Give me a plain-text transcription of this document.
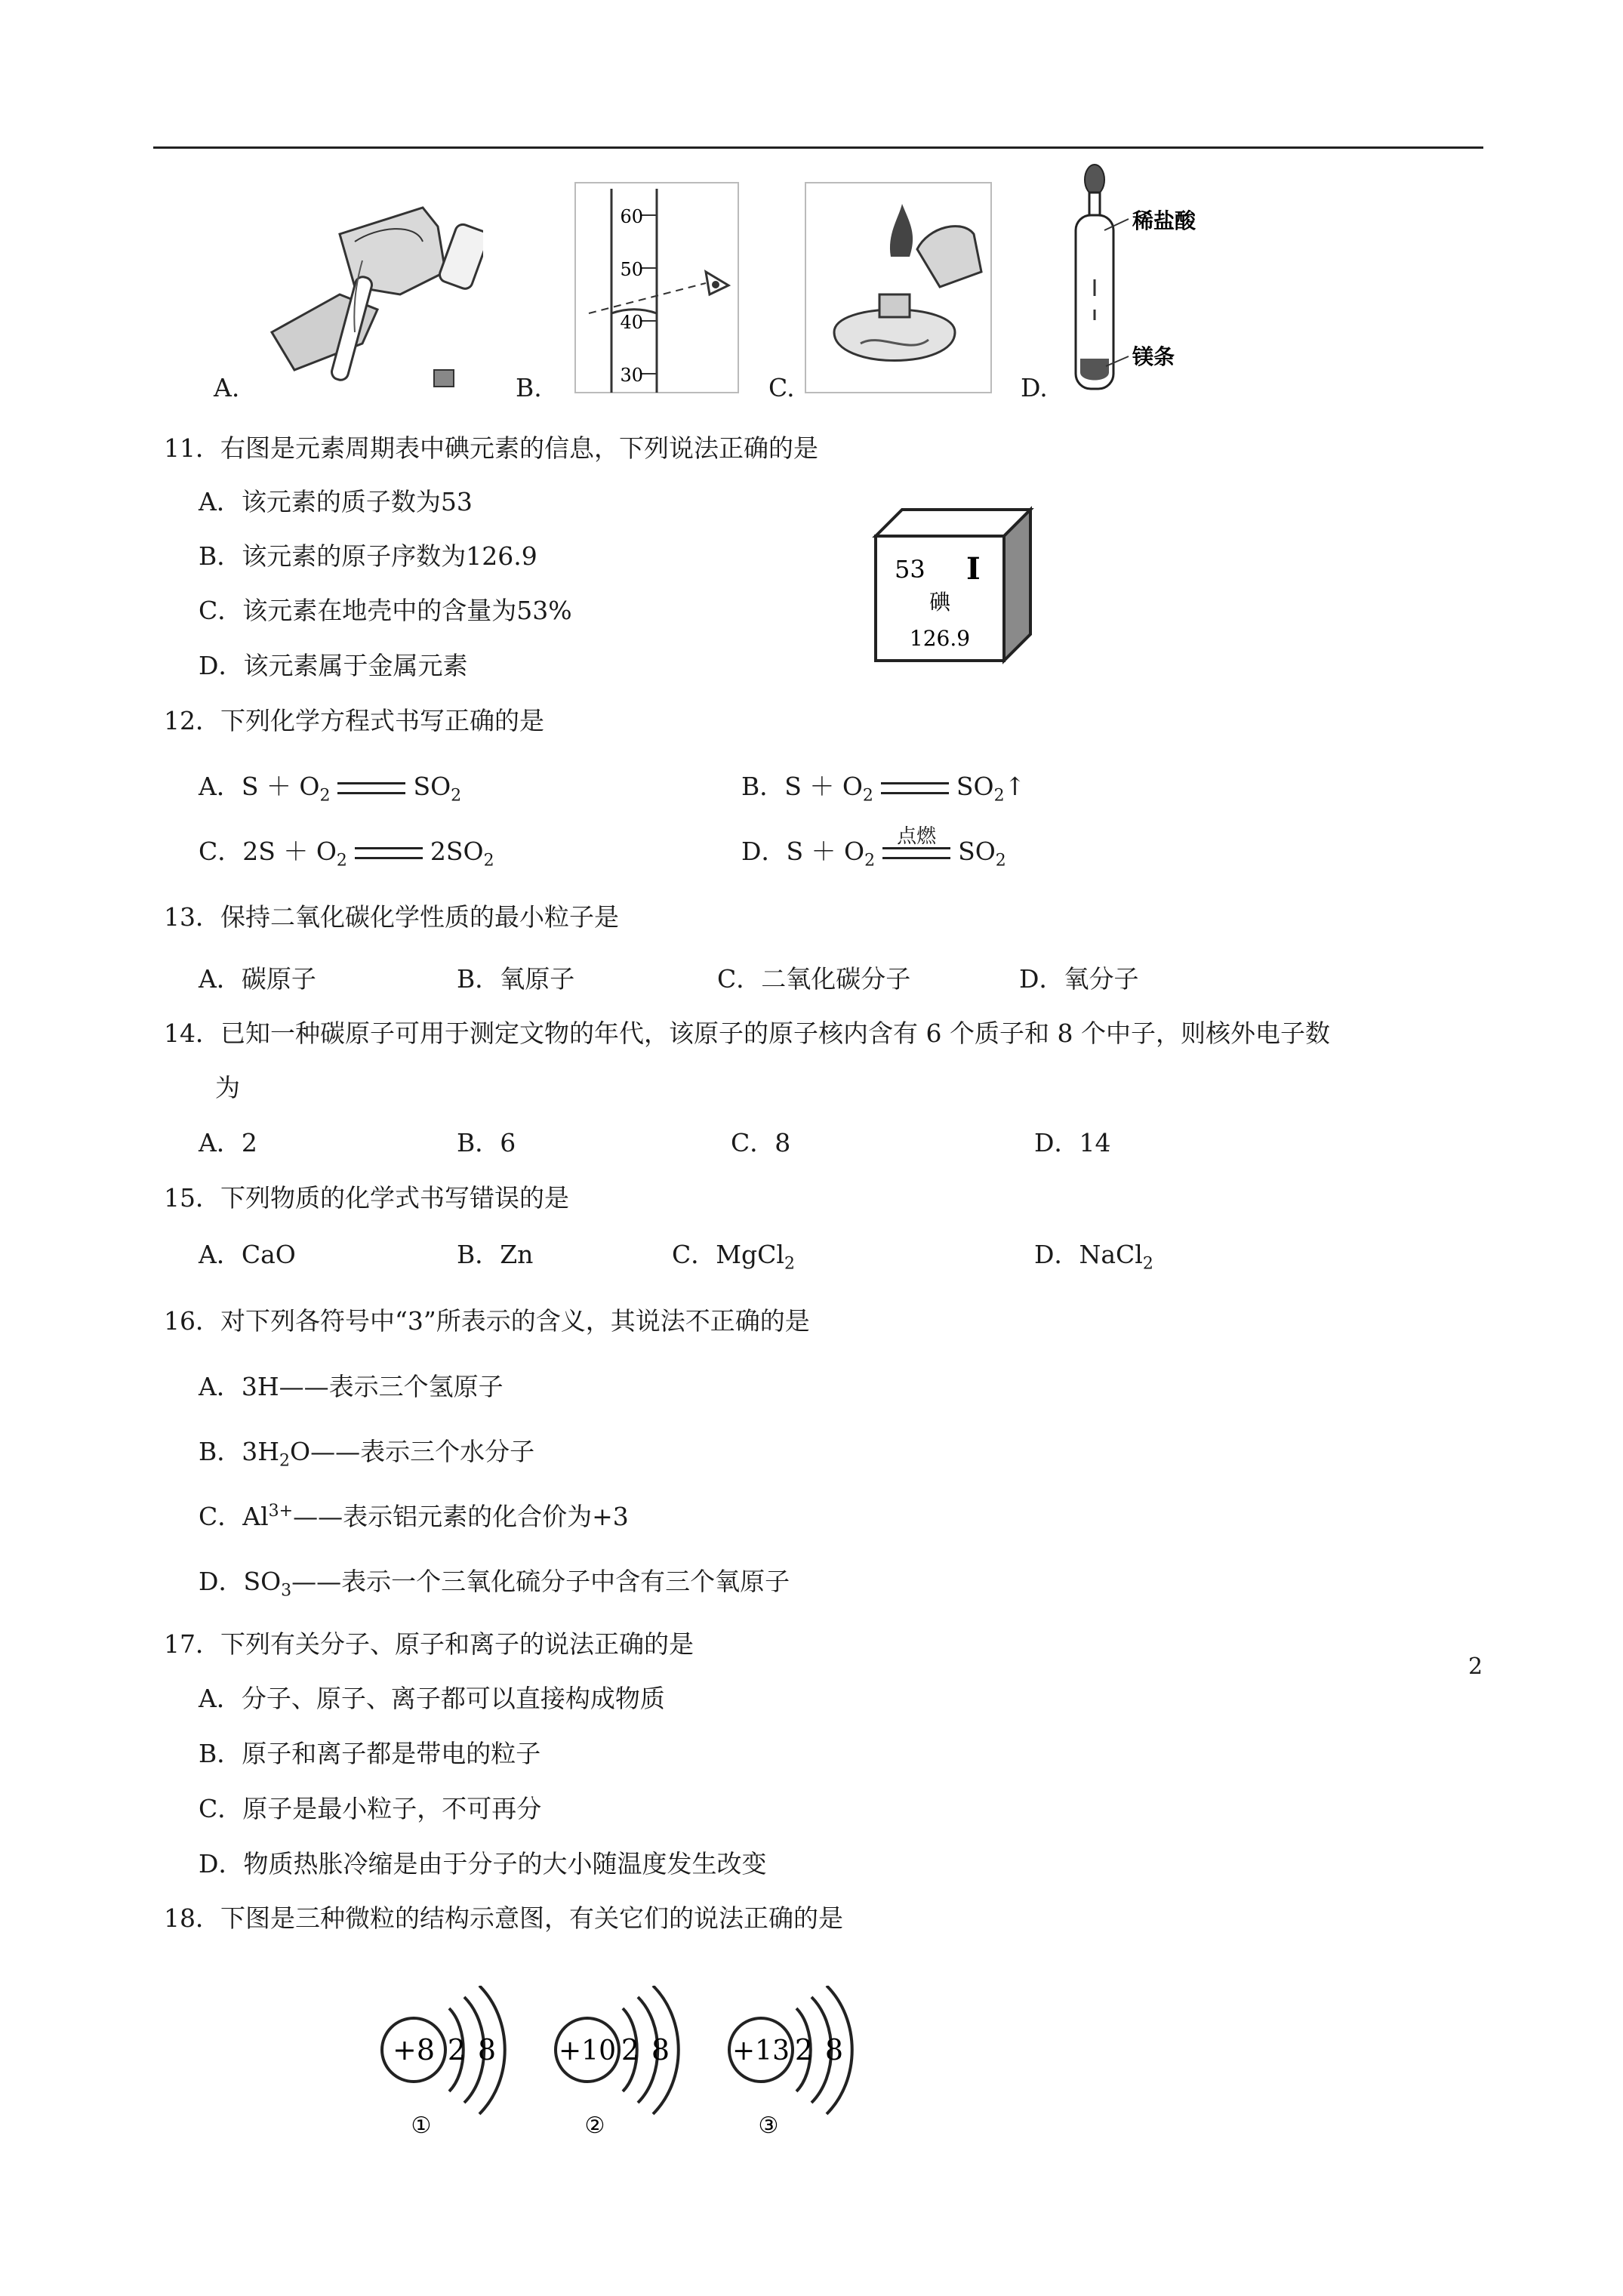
A.	B.
60
50
40
30	C.	D.
稀盐酸
镁条
11．右图是元素周期表中碘元素的信息，下列说法正确的是
A．该元素的质子数为53
B．该元素的原子序数为126.9
C．该元素在地壳中的含量为53%
D．该元素属于金属元素
53 I
碘
126.9
12．下列化学方程式书写正确的是
A．$S + O_2$	$SO_2$	B．$S + O_2$	$SO_2↑$
C．$2S + O_2$	$2SO_2$	D．$S + O_2$
点燃 $SO_2$
13．保持二氧化碳化学性质的最小粒子是
A．碳原子	B．氧原子	C．二氧化碳分子	D．氧分子
14．已知一种碳原子可用于测定文物的年代，该原子的原子核内含有 6 个质子和 8 个中子，则核外电子数
为
A．2	B．6	C．8	D．14
15．下列物质的化学式书写错误的是
A．CaO	B．Zn	C．MgCl$_2$	D．NaCl$_2$
16．对下列各符号中“3”所表示的含义，其说法不正确的是
A．3H——表示三个氢原子
B．$3H_2O——$表示三个水分子
C．$Al^{3+}——$表示铝元素的化合价为+3
D．$SO_3——$表示一个三氧化硫分子中含有三个氧原子
17．下列有关分子、原子和离子的说法正确的是
A．分子、原子、离子都可以直接构成物质
B．原子和离子都是带电的粒子
C．原子是最小粒子，不可再分
D．物质热胀冷缩是由于分子的大小随温度发生改变
18．下图是三种微粒的结构示意图，有关它们的说法正确的是
+8 2 8
①
+10 2 8
②
+13 2 8
③
2
